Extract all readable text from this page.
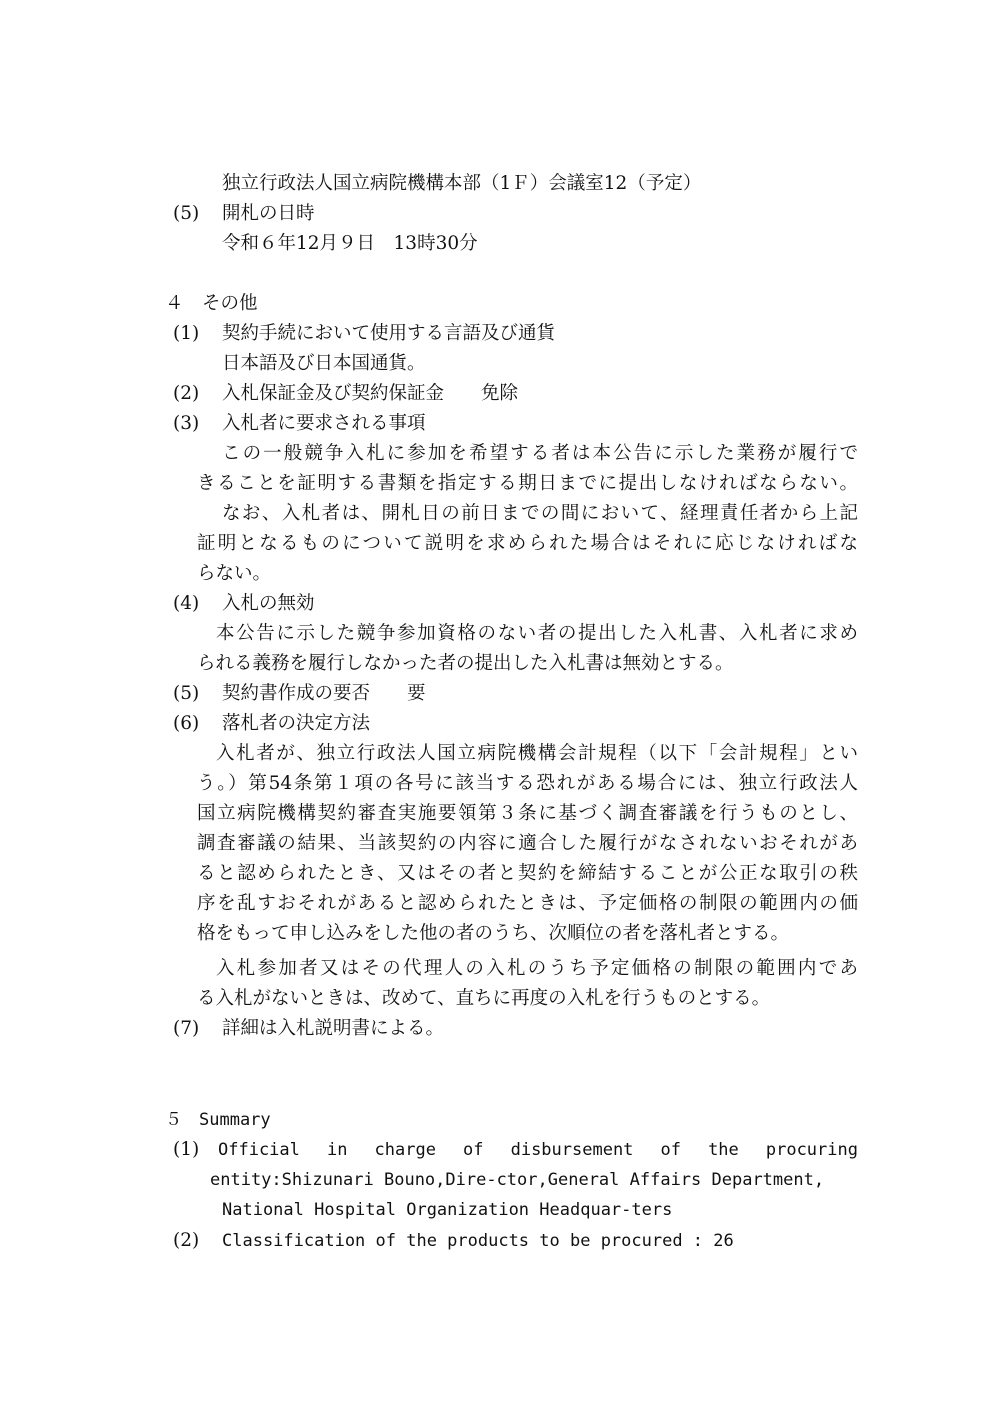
独立行政法人国立病院機構本部（1Ｆ）会議室12（予定）
(5) 開札の日時
令和６年12月９日　13時30分
４　その他
(1) 契約手続において使用する言語及び通貨
日本語及び日本国通貨。
(2) 入札保証金及び契約保証金　　免除
(3) 入札者に要求される事項
この一般競争入札に参加を希望する者は本公告に示した業務が履行で
きることを証明する書類を指定する期日までに提出しなければならない。
なお、入札者は、開札日の前日までの間において、経理責任者から上記
証明となるものについて説明を求められた場合はそれに応じなければな
らない。
(4) 入札の無効
本公告に示した競争参加資格のない者の提出した入札書、入札者に求め
られる義務を履行しなかった者の提出した入札書は無効とする。
(5) 契約書作成の要否　　要
(6) 落札者の決定方法
入札者が、独立行政法人国立病院機構会計規程（以下「会計規程」とい
う。）第54条第１項の各号に該当する恐れがある場合には、独立行政法人
国立病院機構契約審査実施要領第３条に基づく調査審議を行うものとし、
調査審議の結果、当該契約の内容に適合した履行がなされないおそれがあ
ると認められたとき、又はその者と契約を締結することが公正な取引の秩
序を乱すおそれがあると認められたときは、予定価格の制限の範囲内の価
格をもって申し込みをした他の者のうち、次順位の者を落札者とする。
入札参加者又はその代理人の入札のうち予定価格の制限の範囲内であ
る入札がないときは、改めて、直ちに再度の入札を行うものとする。
(7) 詳細は入札説明書による。
５　Summary
(1) Official in charge of disbursement of the procuring
entity:Shizunari Bouno,Dire-ctor,General Affairs Department,
National Hospital Organization Headquar-ters
(2) Classification of the products to be procured : 26
